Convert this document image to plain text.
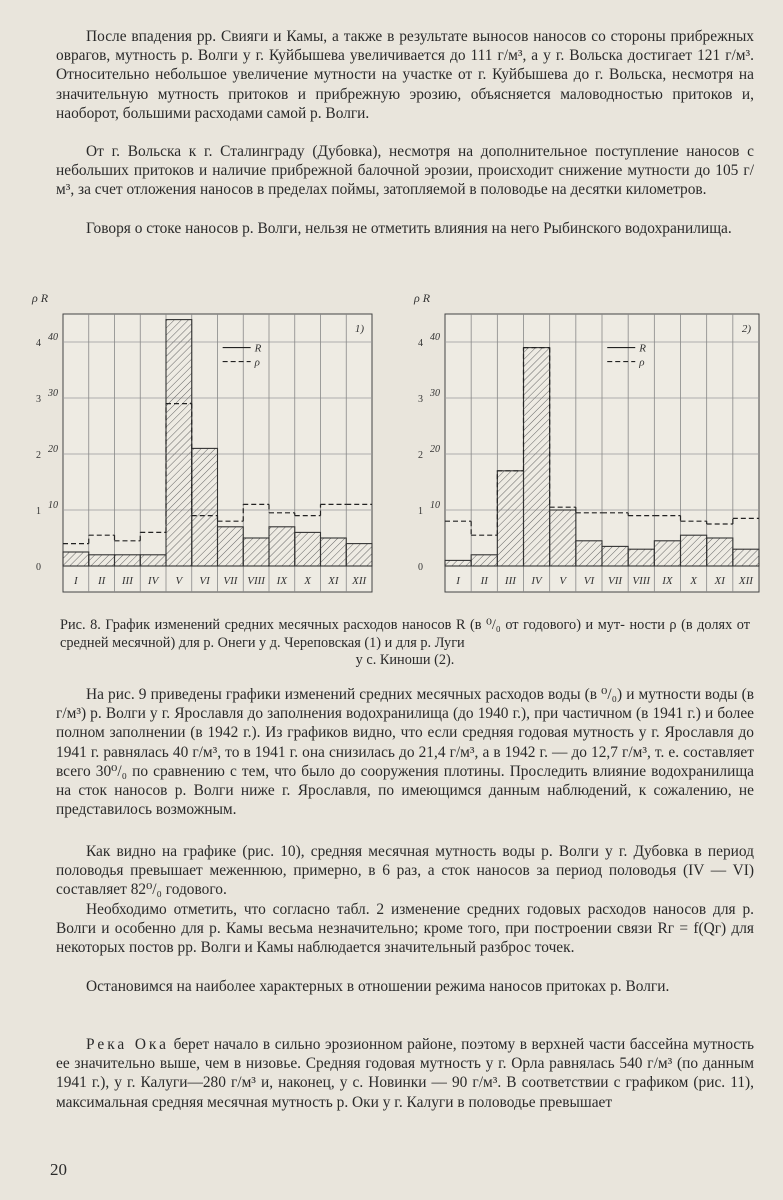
После впадения рр. Свияги и Камы, а также в результате выносов наносов со стороны прибрежных оврагов, мутность р. Волги у г. Куйбышева увеличивается до 111 г/м³, а у г. Вольска достигает 121 г/м³. Относительно небольшое увеличение мутности на участке от г. Куйбышева до г. Вольска, несмотря на значительную мутность притоков и прибрежную эрозию, объясняется маловодностью притоков и, наоборот, большими расходами самой р. Волги.

От г. Вольска к г. Сталинграду (Дубовка), несмотря на дополнительное поступление наносов с небольших притоков и наличие прибрежной балочной эрозии, происходит снижение мутности до 105 г/м³, за счет отложения наносов в пределах поймы, затопляемой в половодье на десятки километров.

Говоря о стоке наносов р. Волги, нельзя не отметить влияния на него Рыбинского водохранилища.

I II III IV V VI VII VIII IX X XI XII
ρ R
0
1
2
3
4
10
20
30
40
1)
R
ρ
I II III IV V VI VII VIII IX X XI XII
ρ R
0
1
2
3
4
10
20
30
40
2)
R
ρ

Рис. 8. График изменений средних месячных расходов наносов R (в ⁰/₀ от годового) и мут- ности ρ (в долях от средней месячной) для р. Онеги у д. Череповская (1) и для р. Луги
у с. Киноши (2).

На рис. 9 приведены графики изменений средних месячных расходов воды (в ⁰/₀) и мутности воды (в г/м³) р. Волги у г. Ярославля до заполнения водохранилища (до 1940 г.), при частичном (в 1941 г.) и более полном заполнении (в 1942 г.). Из графиков видно, что если средняя годовая мутность у г. Ярославля до 1941 г. равнялась 40 г/м³, то в 1941 г. она снизилась до 21,4 г/м³, а в 1942 г. — до 12,7 г/м³, т. е. составляет всего 30⁰/₀ по сравнению с тем, что было до сооружения плотины. Проследить влияние водохранилища на сток наносов р. Волги ниже г. Ярославля, по имеющимся данным наблюдений, к сожалению, не представилось возможным.

Как видно на графике (рис. 10), средняя месячная мутность воды р. Волги у г. Дубовка в период половодья превышает меженнюю, примерно, в 6 раз, а сток наносов за период половодья (IV — VI) составляет 82⁰/₀ годового.

Необходимо отметить, что согласно табл. 2 изменение средних годовых расходов наносов для р. Волги и особенно для р. Камы весьма незначительно; кроме того, при построении связи Rг = f(Qг) для некоторых постов рр. Волги и Камы наблюдается значительный разброс точек.

Остановимся на наиболее характерных в отношении режима наносов притоках р. Волги.

Река Ока берет начало в сильно эрозионном районе, поэтому в верхней части бассейна мутность ее значительно выше, чем в низовье. Средняя годовая мутность у г. Орла равнялась 540 г/м³ (по данным 1941 г.), у г. Калуги—280 г/м³ и, наконец, у с. Новинки — 90 г/м³. В соответствии с графиком (рис. 11), максимальная средняя месячная мутность р. Оки у г. Калуги в половодье превышает

20
